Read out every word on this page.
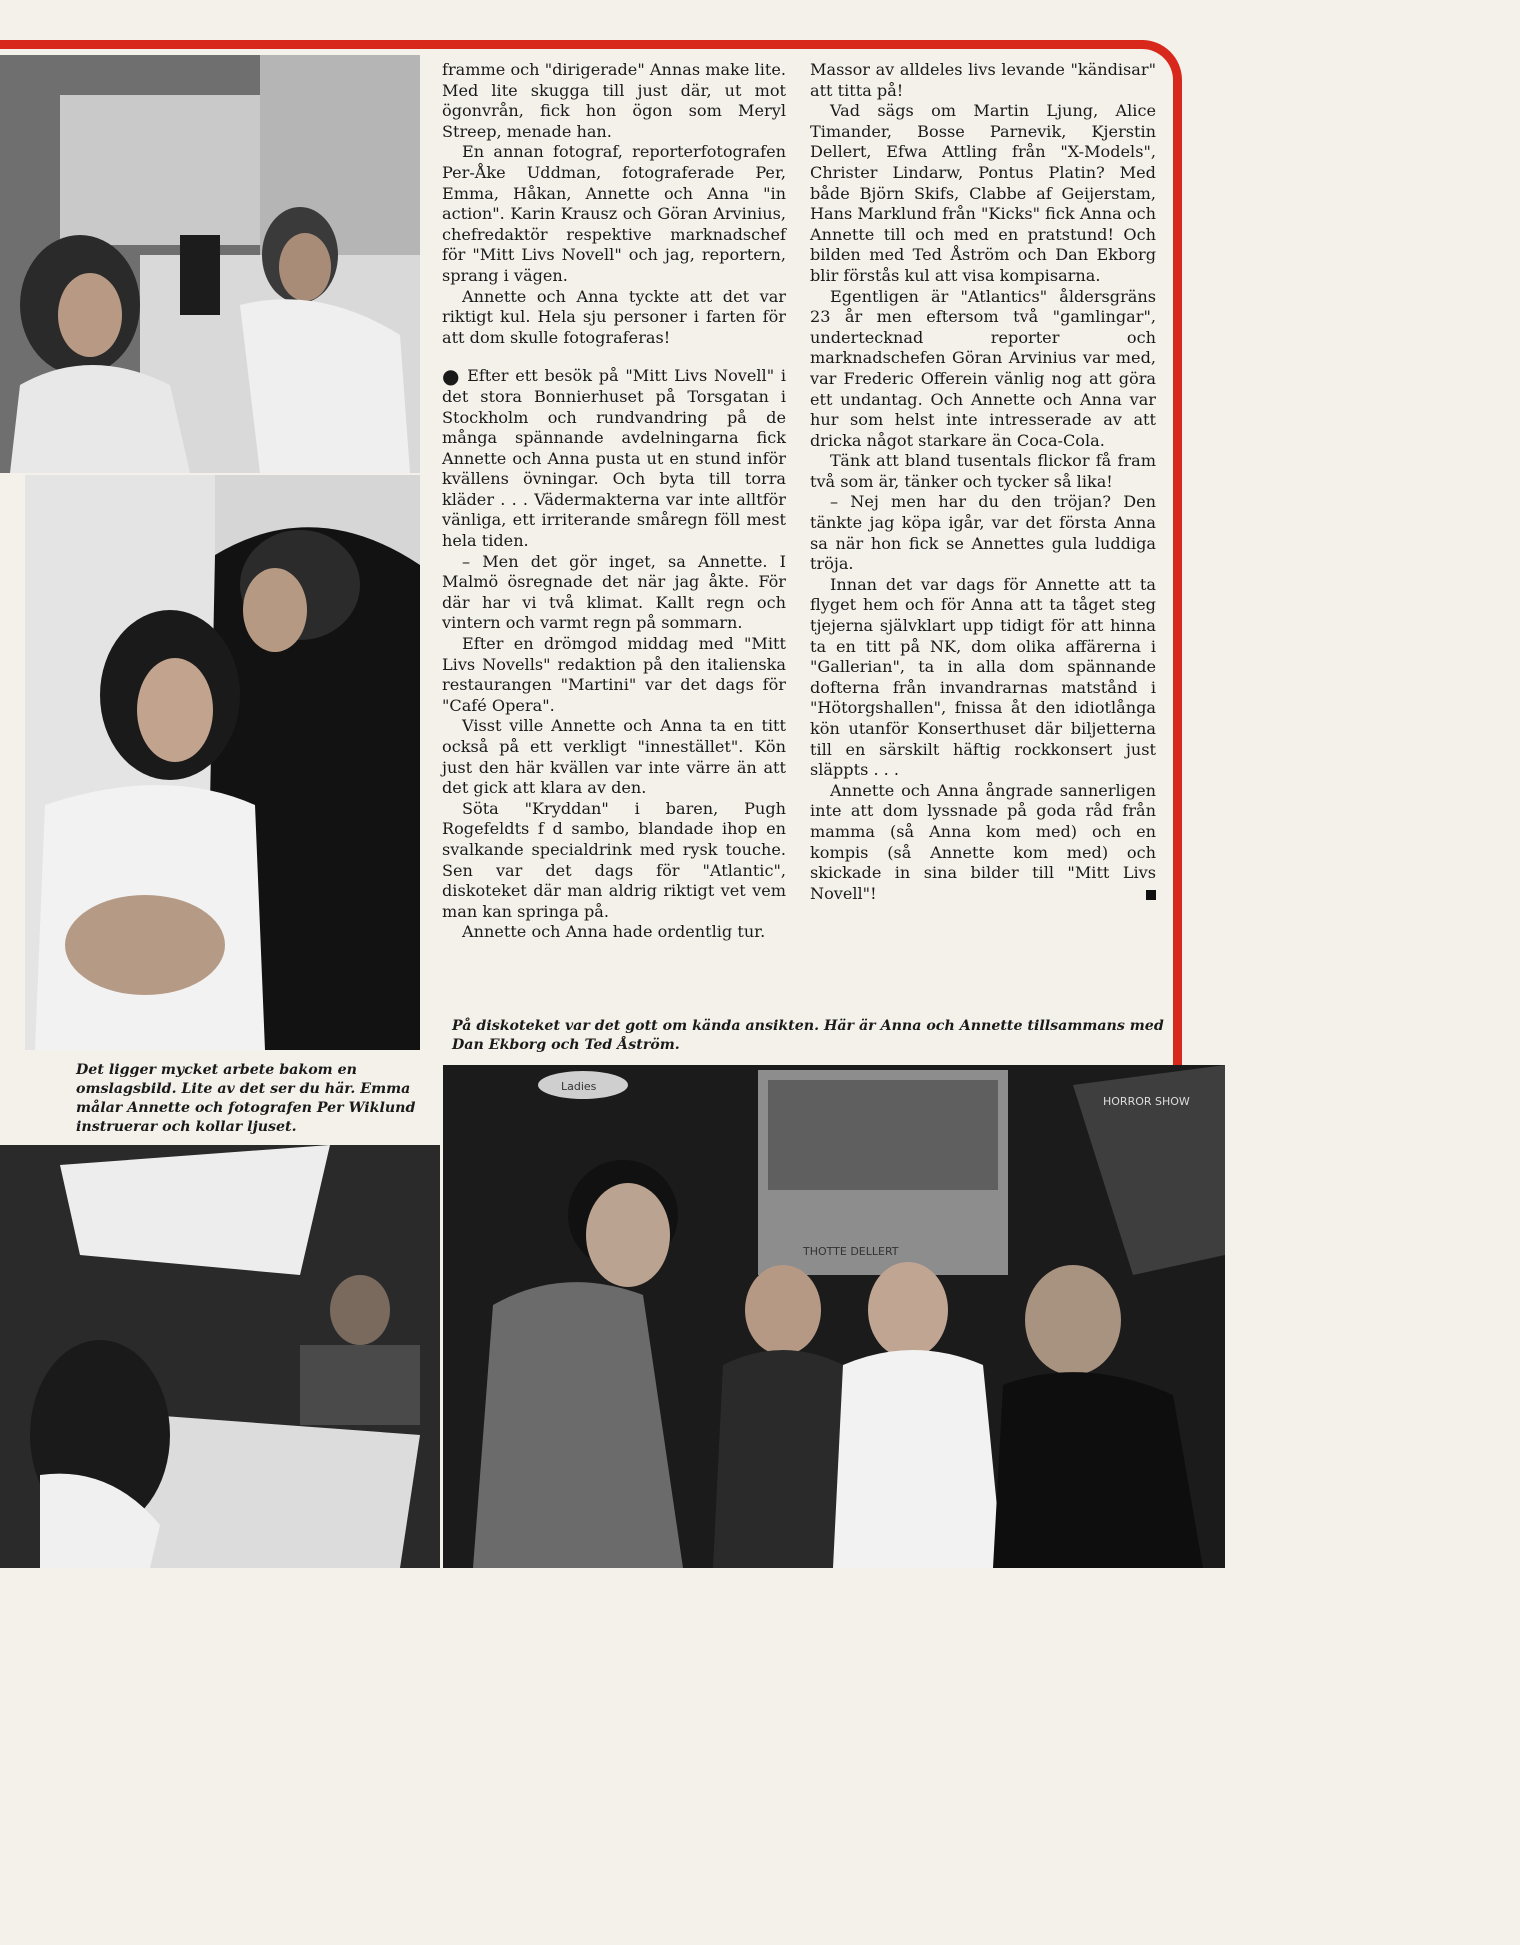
Ladies
THOTTE DELLERT
HORROR SHOW

framme och "dirigerade" Annas make lite. Med lite skugga till just där, ut mot ögonvrån, fick hon ögon som Meryl Streep, menade han.

En annan fotograf, reporterfotografen Per-Åke Uddman, fotograferade Per, Emma, Håkan, Annette och Anna "in action". Karin Krausz och Göran Arvinius, chefredaktör respektive marknadschef för "Mitt Livs Novell" och jag, reportern, sprang i vägen.

Annette och Anna tyckte att det var riktigt kul. Hela sju personer i farten för att dom skulle fotograferas!

● Efter ett besök på "Mitt Livs Novell" i det stora Bonnierhuset på Torsgatan i Stockholm och rundvandring på de många spännande avdelningarna fick Annette och Anna pusta ut en stund inför kvällens övningar. Och byta till torra kläder . . . Vädermakterna var inte alltför vänliga, ett irriterande småregn föll mest hela tiden.

– Men det gör inget, sa Annette. I Malmö ösregnade det när jag åkte. För där har vi två klimat. Kallt regn och vintern och varmt regn på sommarn.

Efter en drömgod middag med "Mitt Livs Novells" redaktion på den italienska restaurangen "Martini" var det dags för "Café Opera".

Visst ville Annette och Anna ta en titt också på ett verkligt "innestället". Kön just den här kvällen var inte värre än att det gick att klara av den.

Söta "Kryddan" i baren, Pugh Rogefeldts f d sambo, blandade ihop en svalkande specialdrink med rysk touche. Sen var det dags för "Atlantic", diskoteket där man aldrig riktigt vet vem man kan springa på.

Annette och Anna hade ordentlig tur.

Massor av alldeles livs levande "kändisar" att titta på!

Vad sägs om Martin Ljung, Alice Timander, Bosse Parnevik, Kjerstin Dellert, Efwa Attling från "X-Models", Christer Lindarw, Pontus Platin? Med både Björn Skifs, Clabbe af Geijerstam, Hans Marklund från "Kicks" fick Anna och Annette till och med en pratstund! Och bilden med Ted Åström och Dan Ekborg blir förstås kul att visa kompisarna.

Egentligen är "Atlantics" åldersgräns 23 år men eftersom två "gamlingar", undertecknad reporter och marknadschefen Göran Arvinius var med, var Frederic Offerein vänlig nog att göra ett undantag. Och Annette och Anna var hur som helst inte intresserade av att dricka något starkare än Coca-Cola.

Tänk att bland tusentals flickor få fram två som är, tänker och tycker så lika!

– Nej men har du den tröjan? Den tänkte jag köpa igår, var det första Anna sa när hon fick se Annettes gula luddiga tröja.

Innan det var dags för Annette att ta flyget hem och för Anna att ta tåget steg tjejerna självklart upp tidigt för att hinna ta en titt på NK, dom olika affärerna i "Gallerian", ta in alla dom spännande dofterna från invandrarnas matstånd i "Hötorgshallen", fnissa åt den idiotlånga kön utanför Konserthuset där biljetterna till en särskilt häftig rockkonsert just släppts . . .

Annette och Anna ångrade sannerligen inte att dom lyssnade på goda råd från mamma (så Anna kom med) och en kompis (så Annette kom med) och skickade in sina bilder till "Mitt Livs Novell"!

Det ligger mycket arbete bakom en omslagsbild. Lite av det ser du här. Emma målar Annette och fotografen Per Wiklund instruerar och kollar ljuset.
På diskoteket var det gott om kända ansikten. Här är Anna och Annette tillsammans med Dan Ekborg och Ted Åström.
